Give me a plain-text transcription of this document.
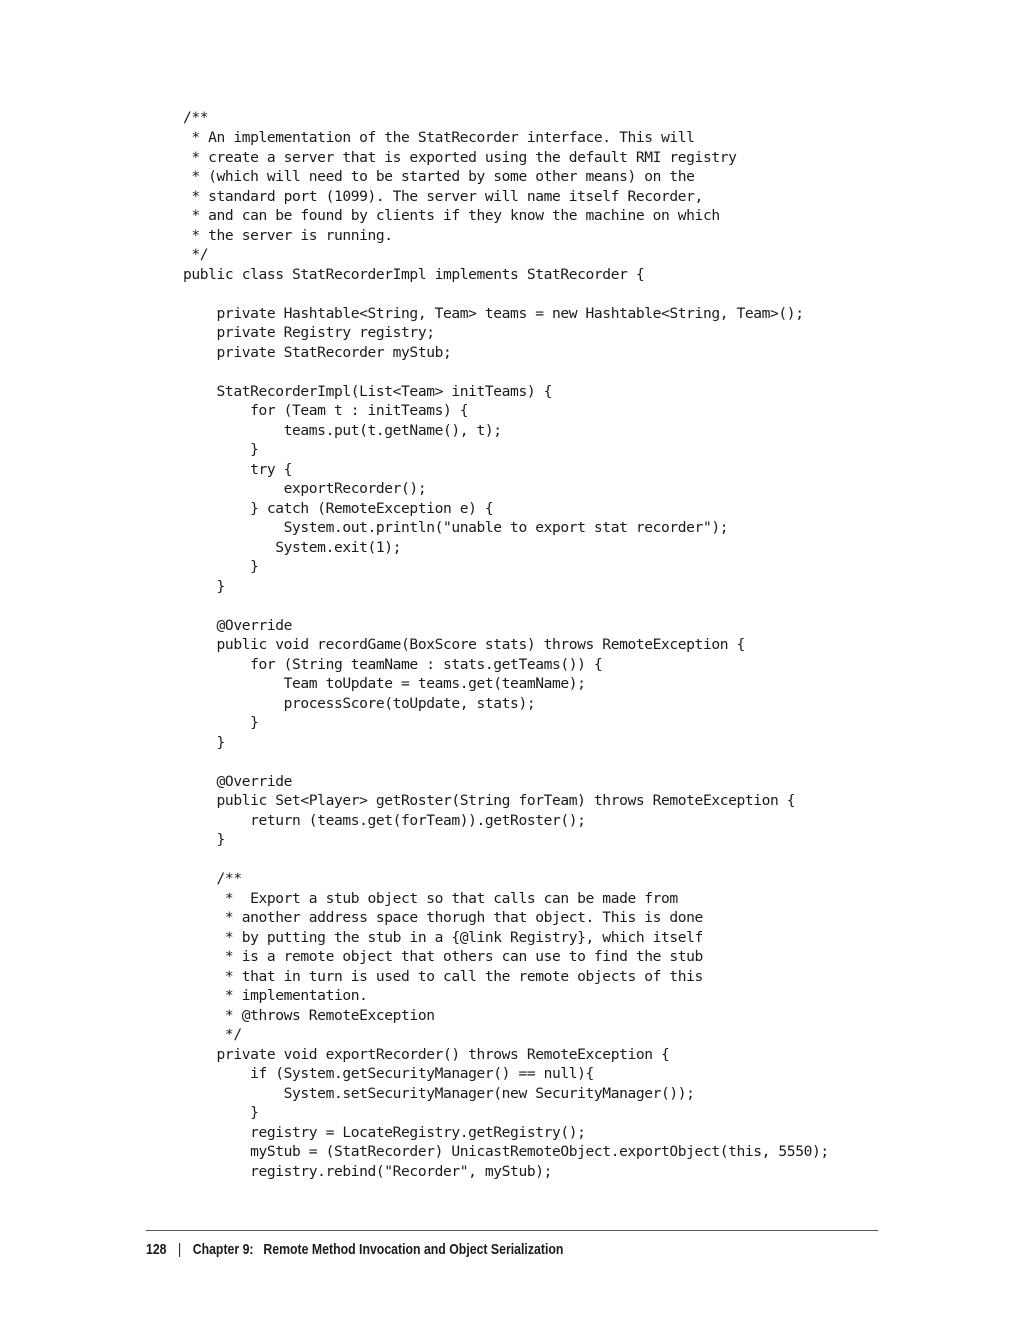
/**
* An implementation of the StatRecorder interface. This will
* create a server that is exported using the default RMI registry
* (which will need to be started by some other means) on the
* standard port (1099). The server will name itself Recorder,
* and can be found by clients if they know the machine on which
* the server is running.
*/
public class StatRecorderImpl implements StatRecorder {
private Hashtable<String, Team> teams = new Hashtable<String, Team>();
private Registry registry;
private StatRecorder myStub;
StatRecorderImpl(List<Team> initTeams) {
for (Team t : initTeams) {
teams.put(t.getName(), t);
}
try {
exportRecorder();
} catch (RemoteException e) {
System.out.println("unable to export stat recorder");
System.exit(1);
}
}
@Override
public void recordGame(BoxScore stats) throws RemoteException {
for (String teamName : stats.getTeams()) {
Team toUpdate = teams.get(teamName);
processScore(toUpdate, stats);
}
}
@Override
public Set<Player> getRoster(String forTeam) throws RemoteException {
return (teams.get(forTeam)).getRoster();
}
/**
*  Export a stub object so that calls can be made from
* another address space thorugh that object. This is done
* by putting the stub in a {@link Registry}, which itself
* is a remote object that others can use to find the stub
* that in turn is used to call the remote objects of this
* implementation.
* @throws RemoteException
*/
private void exportRecorder() throws RemoteException {
if (System.getSecurityManager() == null){
System.setSecurityManager(new SecurityManager());
}
registry = LocateRegistry.getRegistry();
myStub = (StatRecorder) UnicastRemoteObject.exportObject(this, 5550);
registry.rebind("Recorder", myStub);
128 | Chapter 9: Remote Method Invocation and Object Serialization
